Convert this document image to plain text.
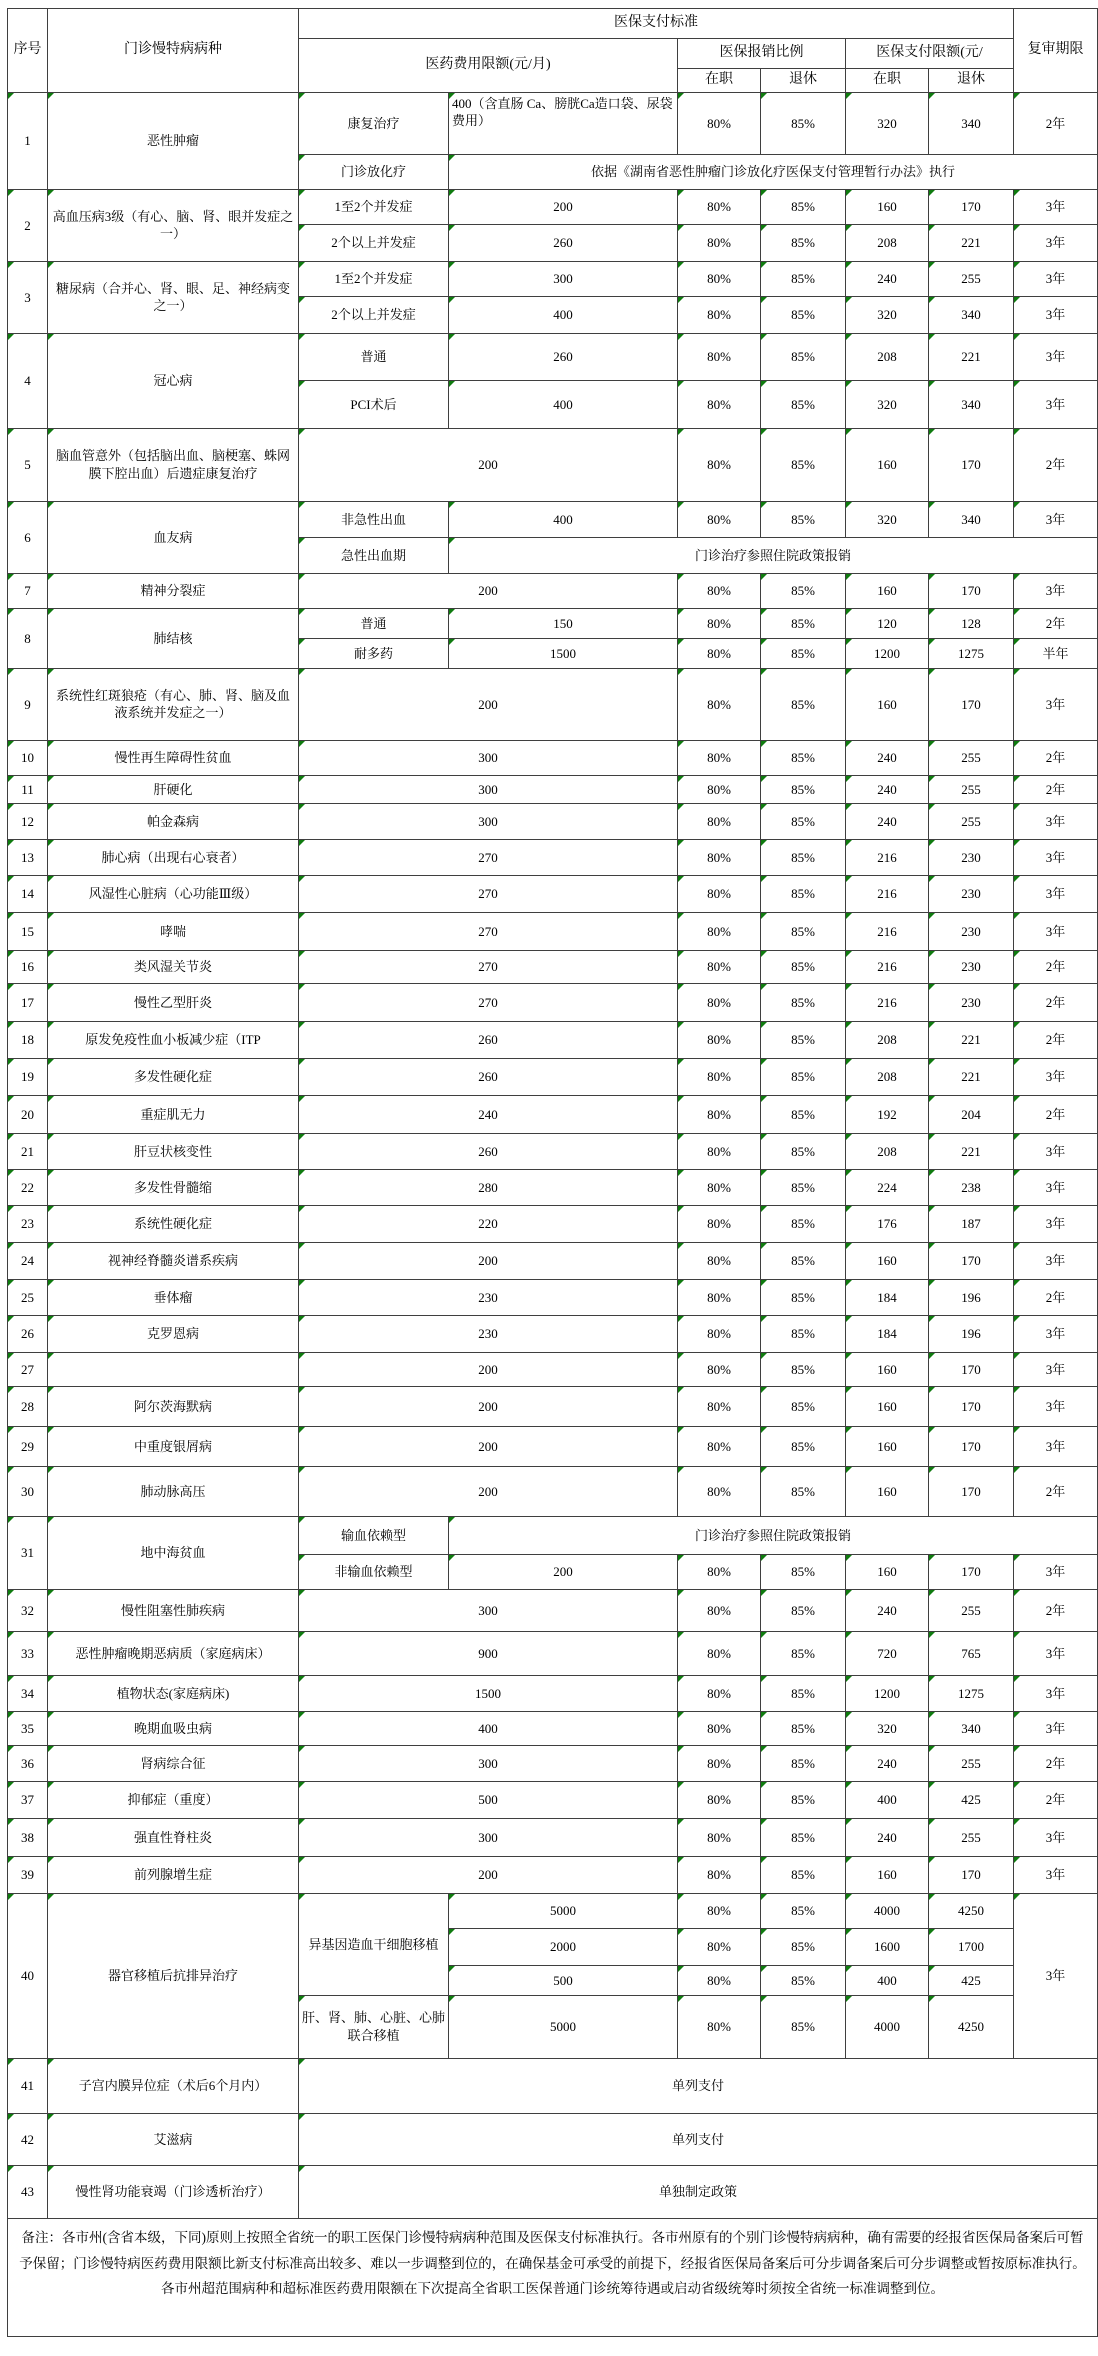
序号	门诊慢特病病种	医保支付标准						复审期限
		医药费用限额(元/月)		医保报销比例		医保支付限额(元/		
				在职	退休	在职	退休	
1	恶性肿瘤	康复治疗	400（含直肠 Ca、膀胱Ca造口袋、尿袋费用）	80%	85%	320	340	2年
		门诊放化疗	依据《湖南省恶性肿瘤门诊放化疗医保支付管理暂行办法》执行					
2	高血压病3级（有心、脑、肾、眼并发症之一）	1至2个并发症	200	80%	85%	160	170	3年
		2个以上并发症	260	80%	85%	208	221	3年
3	糖尿病（合并心、肾、眼、足、神经病变之一）	1至2个并发症	300	80%	85%	240	255	3年
		2个以上并发症	400	80%	85%	320	340	3年
4	冠心病	普通	260	80%	85%	208	221	3年
		PCI术后	400	80%	85%	320	340	3年
5	脑血管意外（包括脑出血、脑梗塞、蛛网膜下腔出血）后遗症康复治疗	200		80%	85%	160	170	2年
6	血友病	非急性出血	400	80%	85%	320	340	3年
		急性出血期	门诊治疗参照住院政策报销					
7	精神分裂症	200		80%	85%	160	170	3年
8	肺结核	普通	150	80%	85%	120	128	2年
		耐多药	1500	80%	85%	1200	1275	半年
9	系统性红斑狼疮（有心、肺、肾、脑及血液系统并发症之一）	200		80%	85%	160	170	3年
10	慢性再生障碍性贫血	300		80%	85%	240	255	2年
11	肝硬化	300		80%	85%	240	255	2年
12	帕金森病	300		80%	85%	240	255	3年
13	肺心病（出现右心衰者）	270		80%	85%	216	230	3年
14	风湿性心脏病（心功能Ⅲ级）	270		80%	85%	216	230	3年
15	哮喘	270		80%	85%	216	230	3年
16	类风湿关节炎	270		80%	85%	216	230	2年
17	慢性乙型肝炎	270		80%	85%	216	230	2年
18	原发免疫性血小板减少症（ITP	260		80%	85%	208	221	2年
19	多发性硬化症	260		80%	85%	208	221	3年
20	重症肌无力	240		80%	85%	192	204	2年
21	肝豆状核变性	260		80%	85%	208	221	3年
22	多发性骨髓缩	280		80%	85%	224	238	3年
23	系统性硬化症	220		80%	85%	176	187	3年
24	视神经脊髓炎谱系疾病	200		80%	85%	160	170	3年
25	垂体瘤	230		80%	85%	184	196	2年
26	克罗恩病	230		80%	85%	184	196	3年
27		200		80%	85%	160	170	3年
28	阿尔茨海默病	200		80%	85%	160	170	3年
29	中重度银屑病	200		80%	85%	160	170	3年
30	肺动脉高压	200		80%	85%	160	170	2年
31	地中海贫血	输血依赖型	门诊治疗参照住院政策报销					
		非输血依赖型	200	80%	85%	160	170	3年
32	慢性阻塞性肺疾病	300		80%	85%	240	255	2年
33	恶性肿瘤晚期恶病质（家庭病床）	900		80%	85%	720	765	3年
34	植物状态(家庭病床)	1500		80%	85%	1200	1275	3年
35	晚期血吸虫病	400		80%	85%	320	340	3年
36	肾病综合征	300		80%	85%	240	255	2年
37	抑郁症（重度）	500		80%	85%	400	425	2年
38	强直性脊柱炎	300		80%	85%	240	255	3年
39	前列腺增生症	200		80%	85%	160	170	3年
40	器官移植后抗排异治疗	异基因造血干细胞移植	5000	80%	85%	4000	4250	3年
			2000	80%	85%	1600	1700	
			500	80%	85%	400	425	
		肝、肾、肺、心脏、心肺联合移植	5000	80%	85%	4000	4250	
41	子宫内膜异位症（术后6个月内）	单列支付						
42	艾滋病	单列支付						
43	慢性肾功能衰竭（门诊透析治疗）	单独制定政策						
备注：各市州(含省本级，下同)原则上按照全省统一的职工医保门诊慢特病病种范围及医保支付标准执行。各市州原有的个别门诊慢特病病种，确有需要的经报省医保局备案后可暂予保留；门诊慢特病医药费用限额比新支付标准高出较多、难以一步调整到位的，在确保基金可承受的前提下，经报省医保局备案后可分步调备案后可分步调整或暂按原标准执行。各市州超范围病种和超标准医药费用限额在下次提高全省职工医保普通门诊统筹待遇或启动省级统筹时须按全省统一标准调整到位。								
